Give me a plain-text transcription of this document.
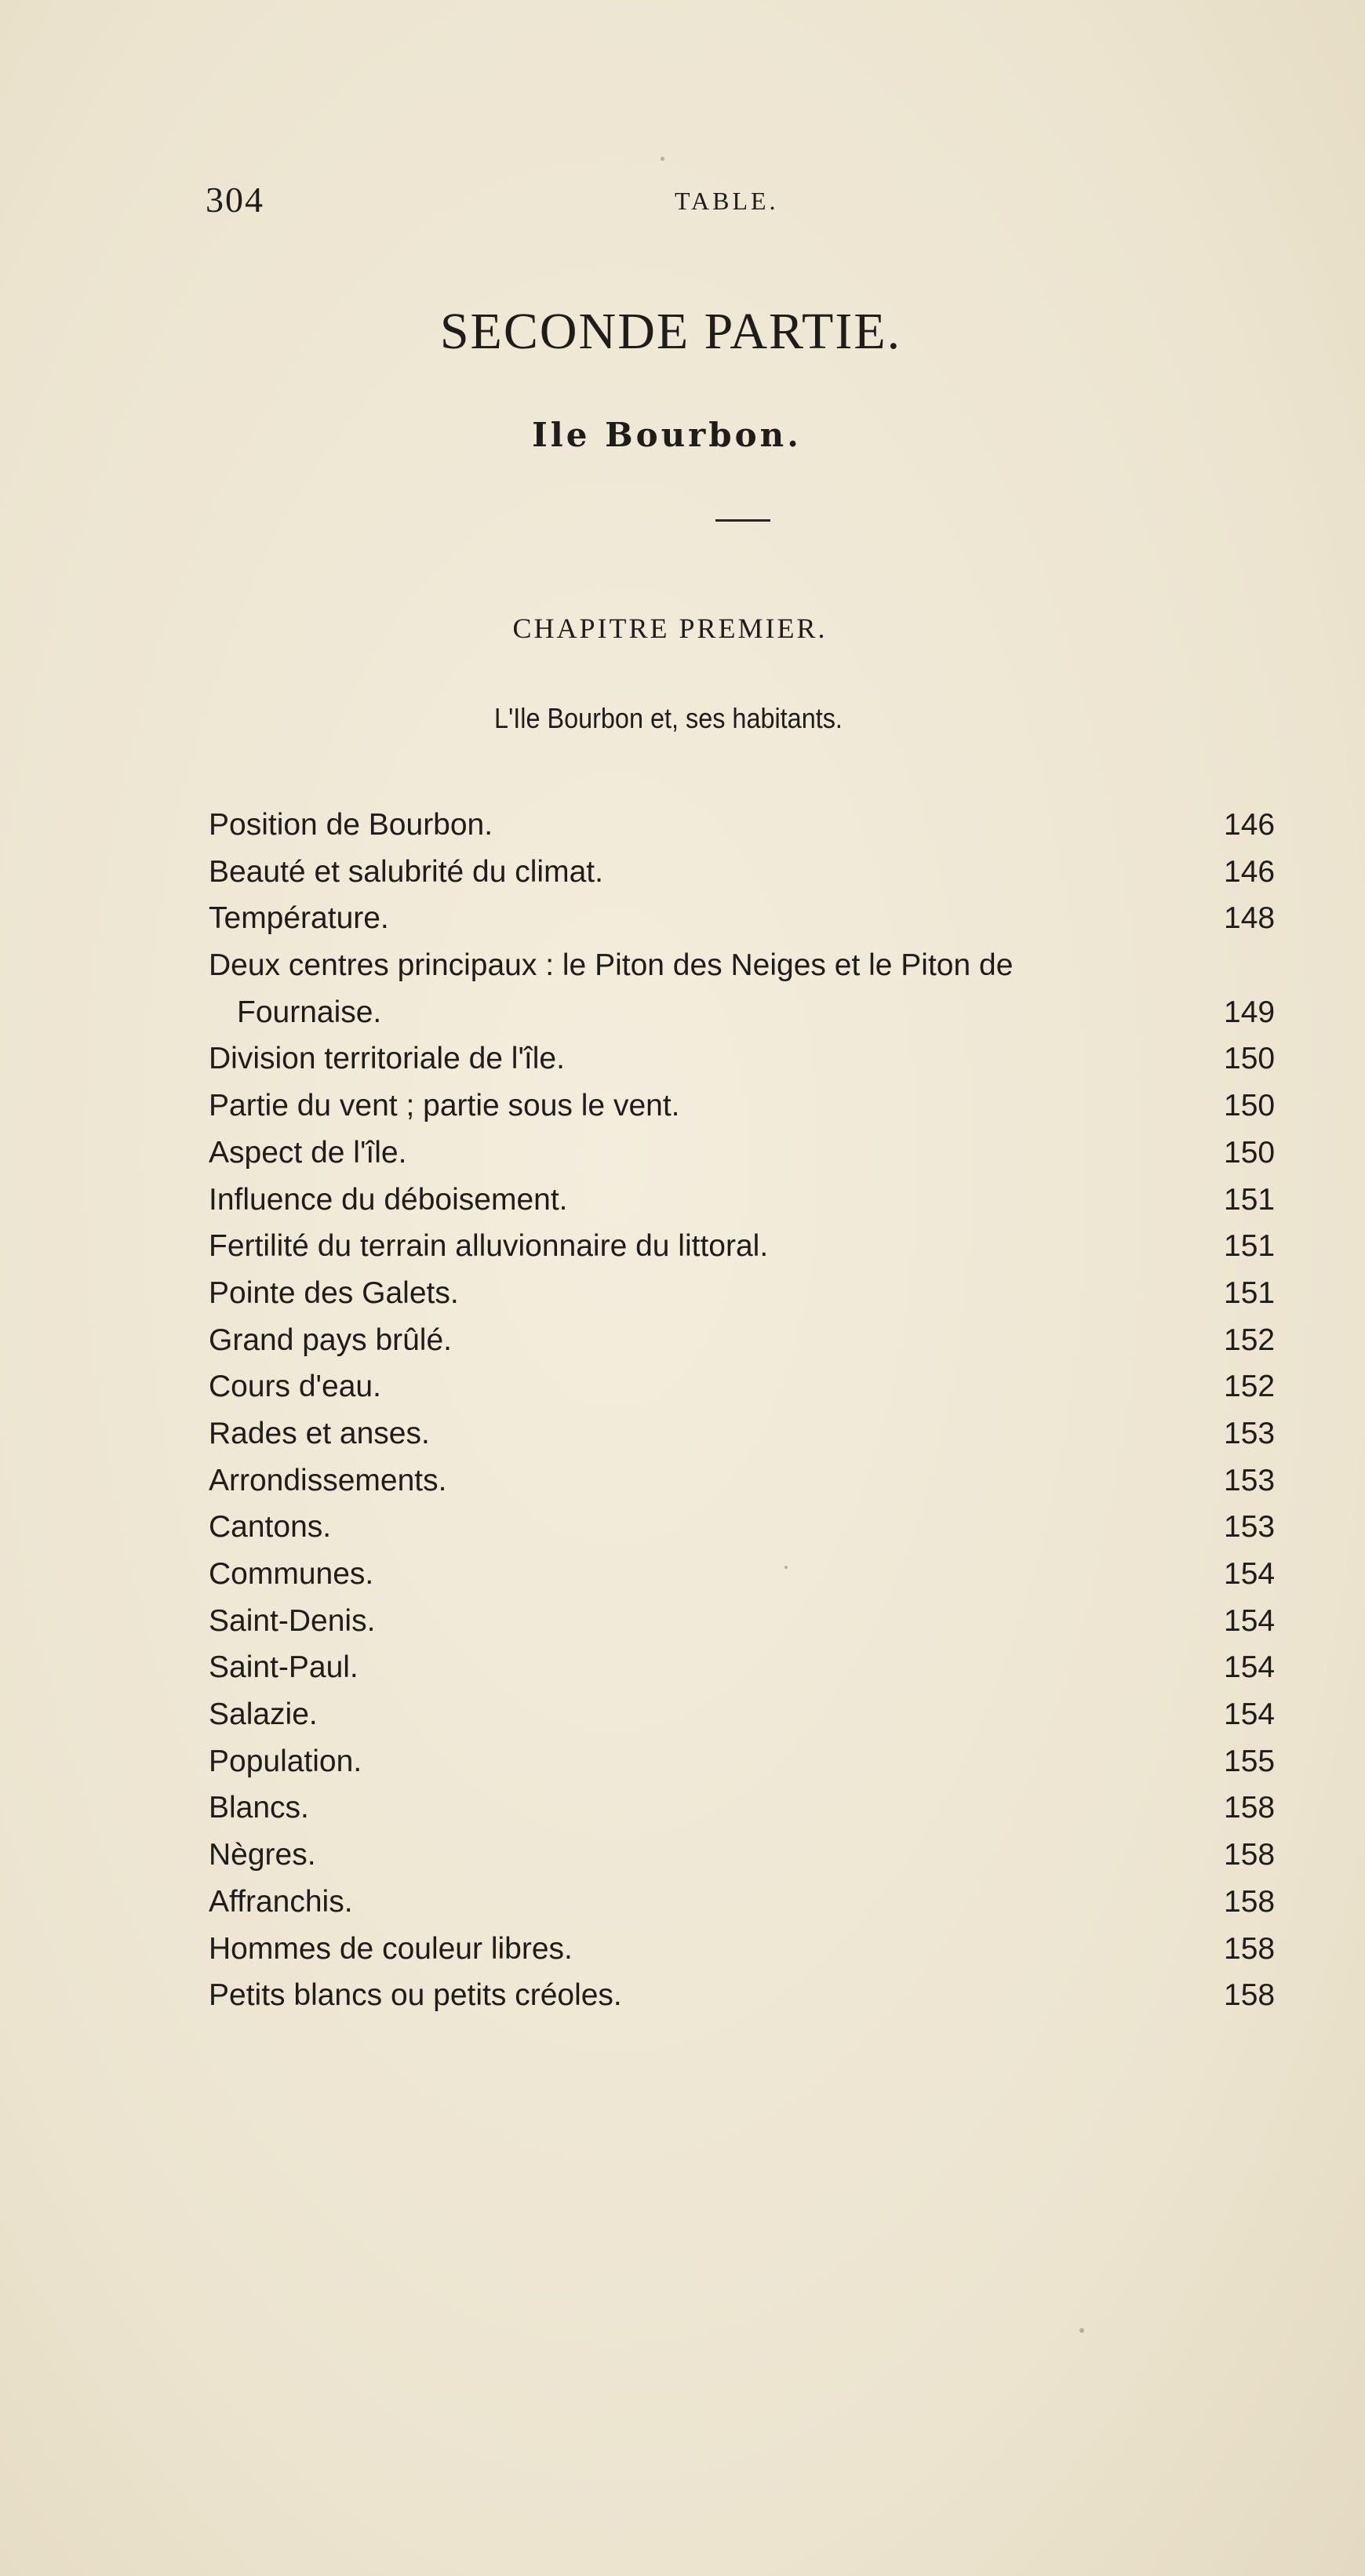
304	TABLE.
SECONDE PARTIE.
Ile Bourbon.
CHAPITRE PREMIER.
L'Ile Bourbon et, ses habitants.
Position de Bourbon.	146
Beauté et salubrité du climat.	146
Température.	148
Deux centres principaux : le Piton des Neiges et le Piton de
Fournaise.	149
Division territoriale de l'île.	150
Partie du vent ; partie sous le vent.	150
Aspect de l'île.	150
Influence du déboisement.	151
Fertilité du terrain alluvionnaire du littoral.	151
Pointe des Galets.	151
Grand pays brûlé.	152
Cours d'eau.	152
Rades et anses.	153
Arrondissements.	153
Cantons.	153
Communes.	154
Saint-Denis.	154
Saint-Paul.	154
Salazie.	154
Population.	155
Blancs.	158
Nègres.	158
Affranchis.	158
Hommes de couleur libres.	158
Petits blancs ou petits créoles.	158
